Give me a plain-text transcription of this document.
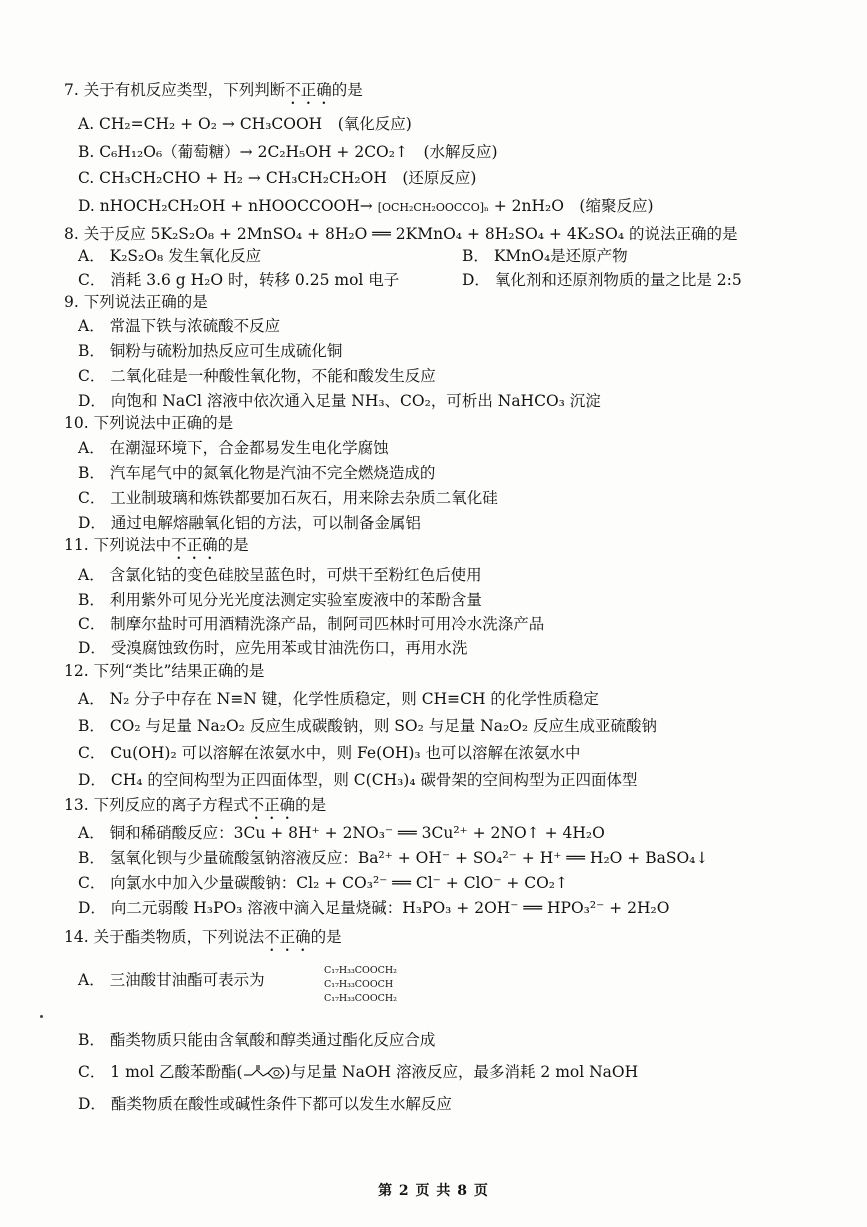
7. 关于有机反应类型，下列判断不正确的是
A. CH₂=CH₂ + O₂ → CH₃COOH　(氧化反应)
B. C₆H₁₂O₆（葡萄糖）→ 2C₂H₅OH + 2CO₂↑　(水解反应)
C. CH₃CH₂CHO + H₂ → CH₃CH₂CH₂OH　(还原反应)
D. nHOCH₂CH₂OH + nHOOCCOOH→ [OCH₂CH₂OOCCO]ₙ + 2nH₂O　(缩聚反应)
8. 关于反应 5K₂S₂O₈ + 2MnSO₄ + 8H₂O ══ 2KMnO₄ + 8H₂SO₄ + 4K₂SO₄ 的说法正确的是
A． K₂S₂O₈ 发生氧化反应	B． KMnO₄是还原产物
C． 消耗 3.6 g H₂O 时，转移 0.25 mol 电子	D． 氧化剂和还原剂物质的量之比是 2:5
9. 下列说法正确的是
A． 常温下铁与浓硫酸不反应
B． 铜粉与硫粉加热反应可生成硫化铜
C． 二氧化硅是一种酸性氧化物，不能和酸发生反应
D． 向饱和 NaCl 溶液中依次通入足量 NH₃、CO₂，可析出 NaHCO₃ 沉淀
10. 下列说法中正确的是
A． 在潮湿环境下，合金都易发生电化学腐蚀
B． 汽车尾气中的氮氧化物是汽油不完全燃烧造成的
C． 工业制玻璃和炼铁都要加石灰石，用来除去杂质二氧化硅
D． 通过电解熔融氧化铝的方法，可以制备金属铝
11. 下列说法中不正确的是
A． 含氯化钴的变色硅胶呈蓝色时，可烘干至粉红色后使用
B． 利用紫外可见分光光度法测定实验室废液中的苯酚含量
C． 制摩尔盐时可用酒精洗涤产品，制阿司匹林时可用冷水洗涤产品
D． 受溴腐蚀致伤时，应先用苯或甘油洗伤口，再用水洗
12. 下列“类比”结果正确的是
A． N₂ 分子中存在 N≡N 键，化学性质稳定，则 CH≡CH 的化学性质稳定
B． CO₂ 与足量 Na₂O₂ 反应生成碳酸钠，则 SO₂ 与足量 Na₂O₂ 反应生成亚硫酸钠
C． Cu(OH)₂ 可以溶解在浓氨水中，则 Fe(OH)₃ 也可以溶解在浓氨水中
D． CH₄ 的空间构型为正四面体型，则 C(CH₃)₄ 碳骨架的空间构型为正四面体型
13. 下列反应的离子方程式不正确的是
A． 铜和稀硝酸反应：3Cu + 8H⁺ + 2NO₃⁻ ══ 3Cu²⁺ + 2NO↑ + 4H₂O
B． 氢氧化钡与少量硫酸氢钠溶液反应：Ba²⁺ + OH⁻ + SO₄²⁻ + H⁺ ══ H₂O + BaSO₄↓
C． 向氯水中加入少量碳酸钠：Cl₂ + CO₃²⁻ ══ Cl⁻ + ClO⁻ + CO₂↑
D． 向二元弱酸 H₃PO₃ 溶液中滴入足量烧碱：H₃PO₃ + 2OH⁻ ══ HPO₃²⁻ + 2H₂O
14. 关于酯类物质，下列说法不正确的是
A． 三油酸甘油酯可表示为
C₁₇H₃₃COOCH₂
C₁₇H₃₃COOCH
C₁₇H₃₃COOCH₂
B． 酯类物质只能由含氧酸和醇类通过酯化反应合成
C． 1 mol 乙酸苯酚酯(	)与足量 NaOH 溶液反应，最多消耗 2 mol NaOH
D． 酯类物质在酸性或碱性条件下都可以发生水解反应
第 2 页 共 8 页
